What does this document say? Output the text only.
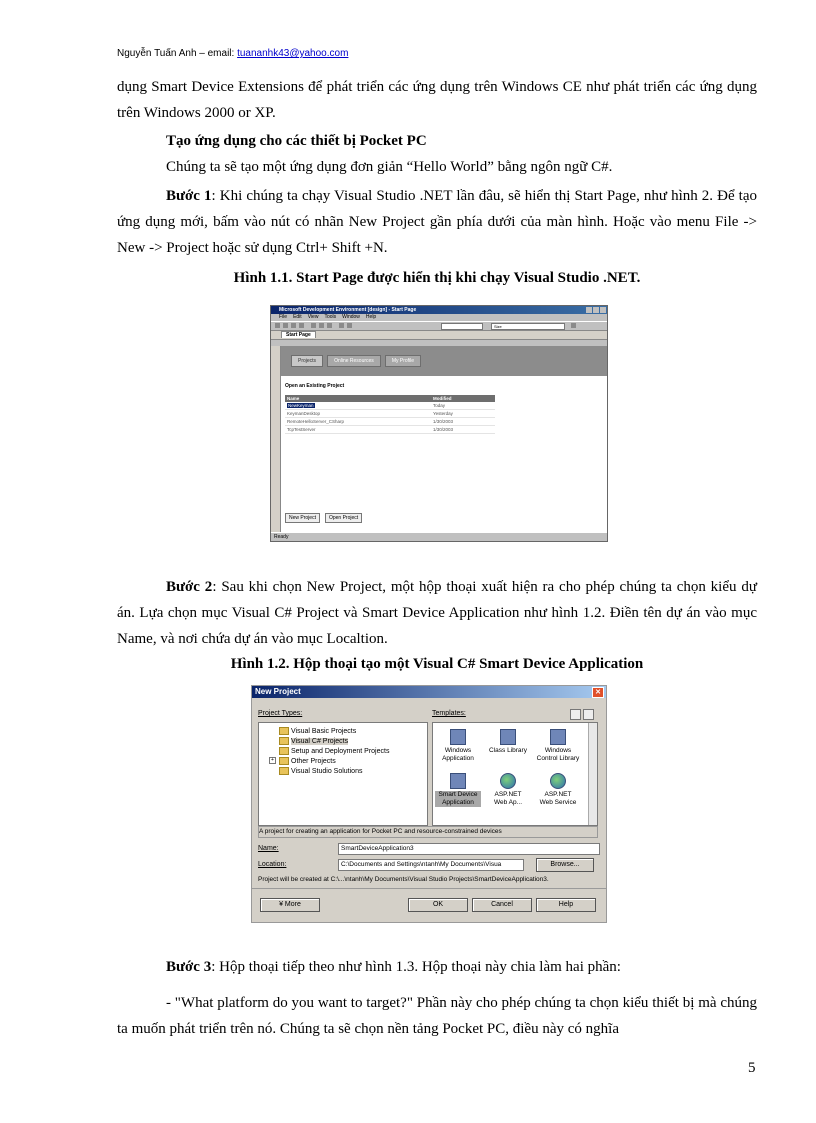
Nguyễn Tuấn Anh – email: tuananhk43@yahoo.com

dụng Smart Device Extensions để phát triển các ứng dụng trên Windows CE như phát triển các ứng dụng trên Windows 2000 or XP.

Tạo ứng dụng cho các thiết bị Pocket PC

Chúng ta sẽ tạo một ứng dụng đơn giản “Hello World” bằng ngôn ngữ C#.

Bước 1: Khi chúng ta chạy Visual Studio .NET lần đâu, sẽ hiển thị Start Page, như hình 2. Để tạo ứng dụng mới, bấm vào nút có nhãn New Project gần phía dưới của màn hình. Hoặc vào menu File -> New -> Project hoặc sử dụng Ctrl+ Shift +N.

Hình 1.1. Start Page được hiển thị khi chạy Visual Studio .NET.
Microsoft Development Environment [design] - Start Page
File Edit View Tools Window Help
Size
Start Page
Projects	Online Resources	My Profile
Open an Existing Project
Name	Modified
NewKeyman	Today
KeymanDesktop	Yesterday
RemoteHelloServer_CSharp	1/30/2003
TcpTestServer	1/30/2003
New Project	Open Project
Ready

Bước 2: Sau khi chọn New Project, một hộp thoại xuất hiện ra cho phép chúng ta chọn kiểu dự án. Lựa chọn mục Visual C# Project và Smart Device Application như hình 1.2. Điền tên dự án vào mục Name, và nơi chứa dự án vào mục Localtion.

Hình 1.2. Hộp thoại tạo một Visual C# Smart Device Application
New Project	✕
Project Types:	Templates:
Visual Basic Projects
Visual C# Projects
Setup and Deployment Projects
+ Other Projects
Visual Studio Solutions
Windows
Application
Class Library	Windows
Control Library
Smart Device
Application
ASP.NET
Web Ap...
ASP.NET
Web Service
A project for creating an application for Pocket PC and resource-constrained devices
Name:	SmartDeviceApplication3
Location:	C:\Documents and Settings\ntanh\My Documents\Visua	Browse...
Project will be created at C:\...\ntanh\My Documents\Visual Studio Projects\SmartDeviceApplication3.
¥ More	OK	Cancel	Help

Bước 3: Hộp thoại tiếp theo như hình 1.3. Hộp thoại này chia làm hai phần:

- "What platform do you want to target?" Phần này cho phép chúng ta chọn kiểu thiết bị mà chúng ta muốn phát triển trên nó. Chúng ta sẽ chọn nền tảng Pocket PC, điều này có nghĩa

5
